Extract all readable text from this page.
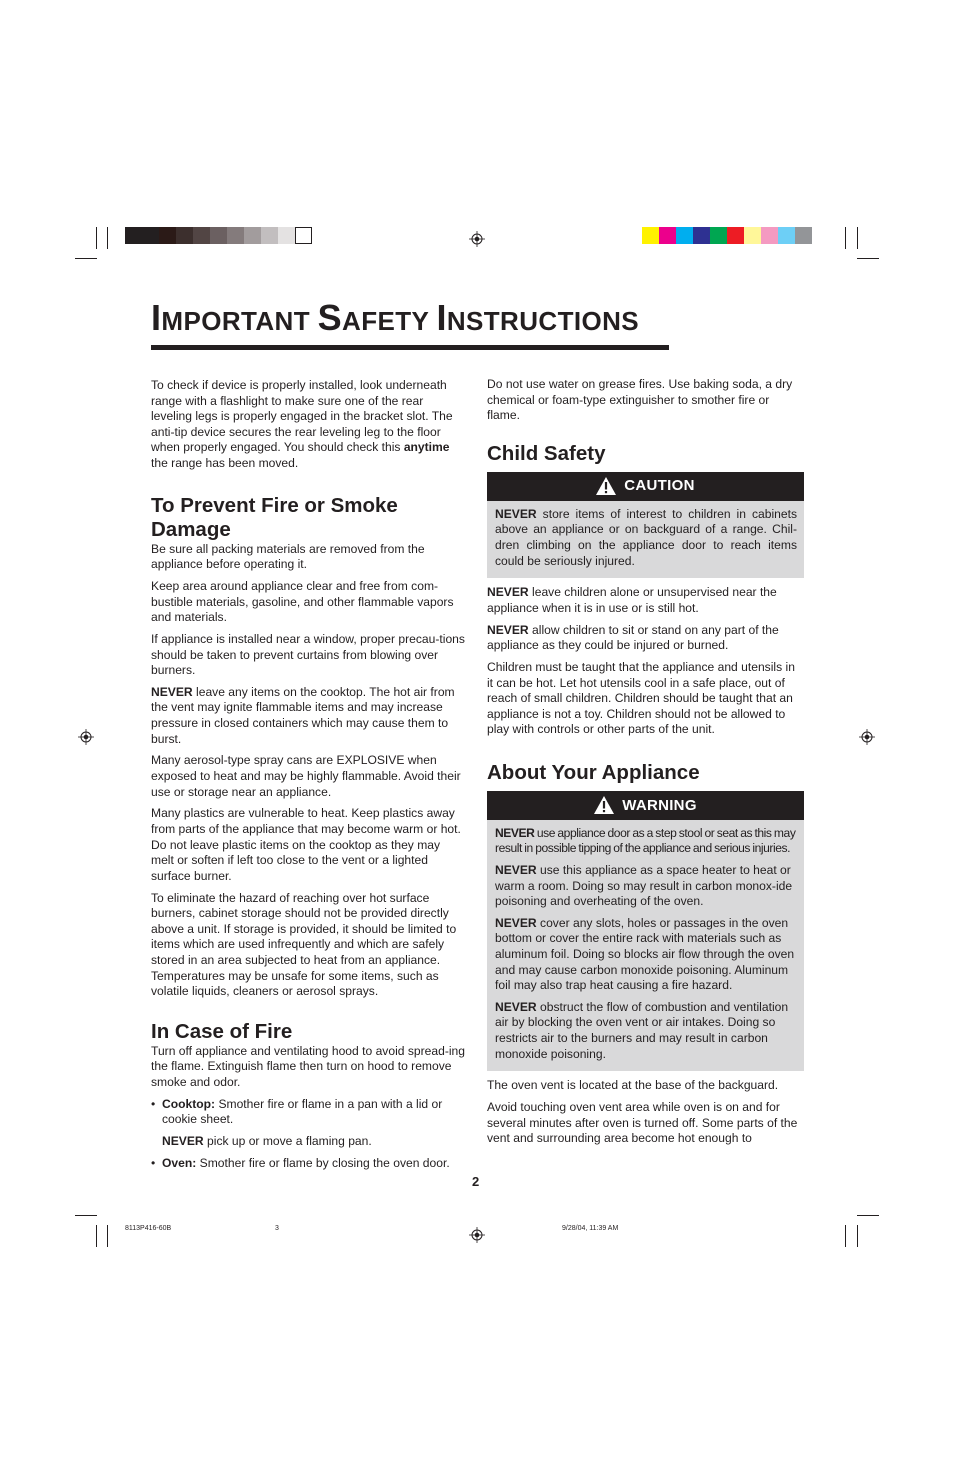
IMPORTANT SAFETY INSTRUCTIONS

To check if device is properly installed, look underneath range with a flashlight to make sure one of the rear leveling legs is properly engaged in the bracket slot. The anti-tip device secures the rear leveling leg to the floor when properly engaged. You should check this anytime the range has been moved.

To Prevent Fire or Smoke Damage

Be sure all packing materials are removed from the appliance before operating it.

Keep area around appliance clear and free from com-bustible materials, gasoline, and other flammable vapors and materials.

If appliance is installed near a window, proper precau-tions should be taken to prevent curtains from blowing over burners.

NEVER leave any items on the cooktop. The hot air from the vent may ignite flammable items and may increase pressure in closed containers which may cause them to burst.

Many aerosol-type spray cans are EXPLOSIVE when exposed to heat and may be highly flammable. Avoid their use or storage near an appliance.

Many plastics are vulnerable to heat. Keep plastics away from parts of the appliance that may become warm or hot. Do not leave plastic items on the cooktop as they may melt or soften if left too close to the vent or a lighted surface burner.

To eliminate the hazard of reaching over hot surface burners, cabinet storage should not be provided directly above a unit. If storage is provided, it should be limited to items which are used infrequently and which are safely stored in an area subjected to heat from an appliance. Temperatures may be unsafe for some items, such as volatile liquids, cleaners or aerosol sprays.

In Case of Fire

Turn off appliance and ventilating hood to avoid spread-ing the flame. Extinguish flame then turn on hood to remove smoke and odor.

• Cooktop: Smother fire or flame in a pan with a lid or cookie sheet.

NEVER pick up or move a flaming pan.

• Oven: Smother fire or flame by closing the oven door.

Do not use water on grease fires. Use baking soda, a dry chemical or foam-type extinguisher to smother fire or flame.

Child Safety
CAUTION

NEVER store items of interest to children in cabinets above an appliance or on backguard of a range. Chil-dren climbing on the appliance door to reach items could be seriously injured.

NEVER leave children alone or unsupervised near the appliance when it is in use or is still hot.

NEVER allow children to sit or stand on any part of the appliance as they could be injured or burned.

Children must be taught that the appliance and utensils in it can be hot. Let hot utensils cool in a safe place, out of reach of small children. Children should be taught that an appliance is not a toy. Children should not be allowed to play with controls or other parts of the unit.

About Your Appliance
WARNING

NEVER use appliance door as a step stool or seat as this may result in possible tipping of the appliance and serious injuries.

NEVER use this appliance as a space heater to heat or warm a room. Doing so may result in carbon monox-ide poisoning and overheating of the oven.

NEVER cover any slots, holes or passages in the oven bottom or cover the entire rack with materials such as aluminum foil. Doing so blocks air flow through the oven and may cause carbon monoxide poisoning. Aluminum foil may also trap heat causing a fire hazard.

NEVER obstruct the flow of combustion and ventilation air by blocking the oven vent or air intakes. Doing so restricts air to the burners and may result in carbon monoxide poisoning.

The oven vent is located at the base of the backguard.

Avoid touching oven vent area while oven is on and for several minutes after oven is turned off. Some parts of the vent and surrounding area become hot enough to

2
8113P416-60B	3	9/28/04, 11:39 AM
